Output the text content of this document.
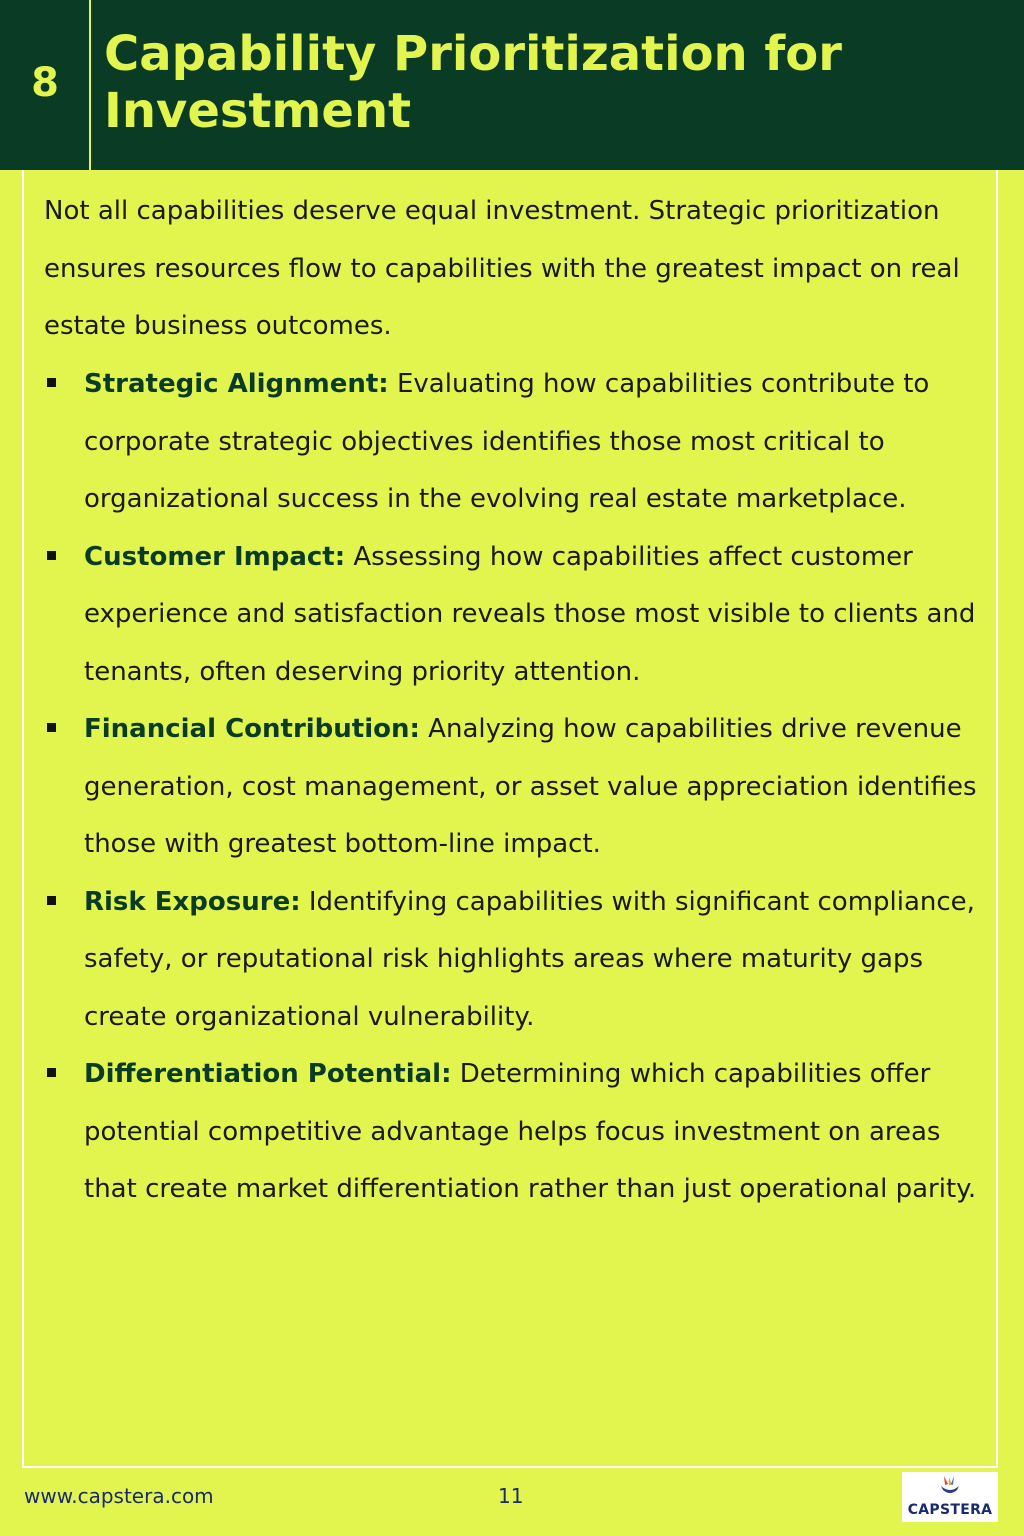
8
Capability Prioritization for Investment
Not all capabilities deserve equal investment. Strategic prioritization ensures resources flow to capabilities with the greatest impact on real estate business outcomes.
Strategic Alignment: Evaluating how capabilities contribute to corporate strategic objectives identifies those most critical to organizational success in the evolving real estate marketplace.
Customer Impact: Assessing how capabilities affect customer experience and satisfaction reveals those most visible to clients and tenants, often deserving priority attention.
Financial Contribution: Analyzing how capabilities drive revenue generation, cost management, or asset value appreciation identifies those with greatest bottom-line impact.
Risk Exposure: Identifying capabilities with significant compliance, safety, or reputational risk highlights areas where maturity gaps create organizational vulnerability.
Differentiation Potential: Determining which capabilities offer potential competitive advantage helps focus investment on areas that create market differentiation rather than just operational parity.
www.capstera.com	11
CAPSTERA
